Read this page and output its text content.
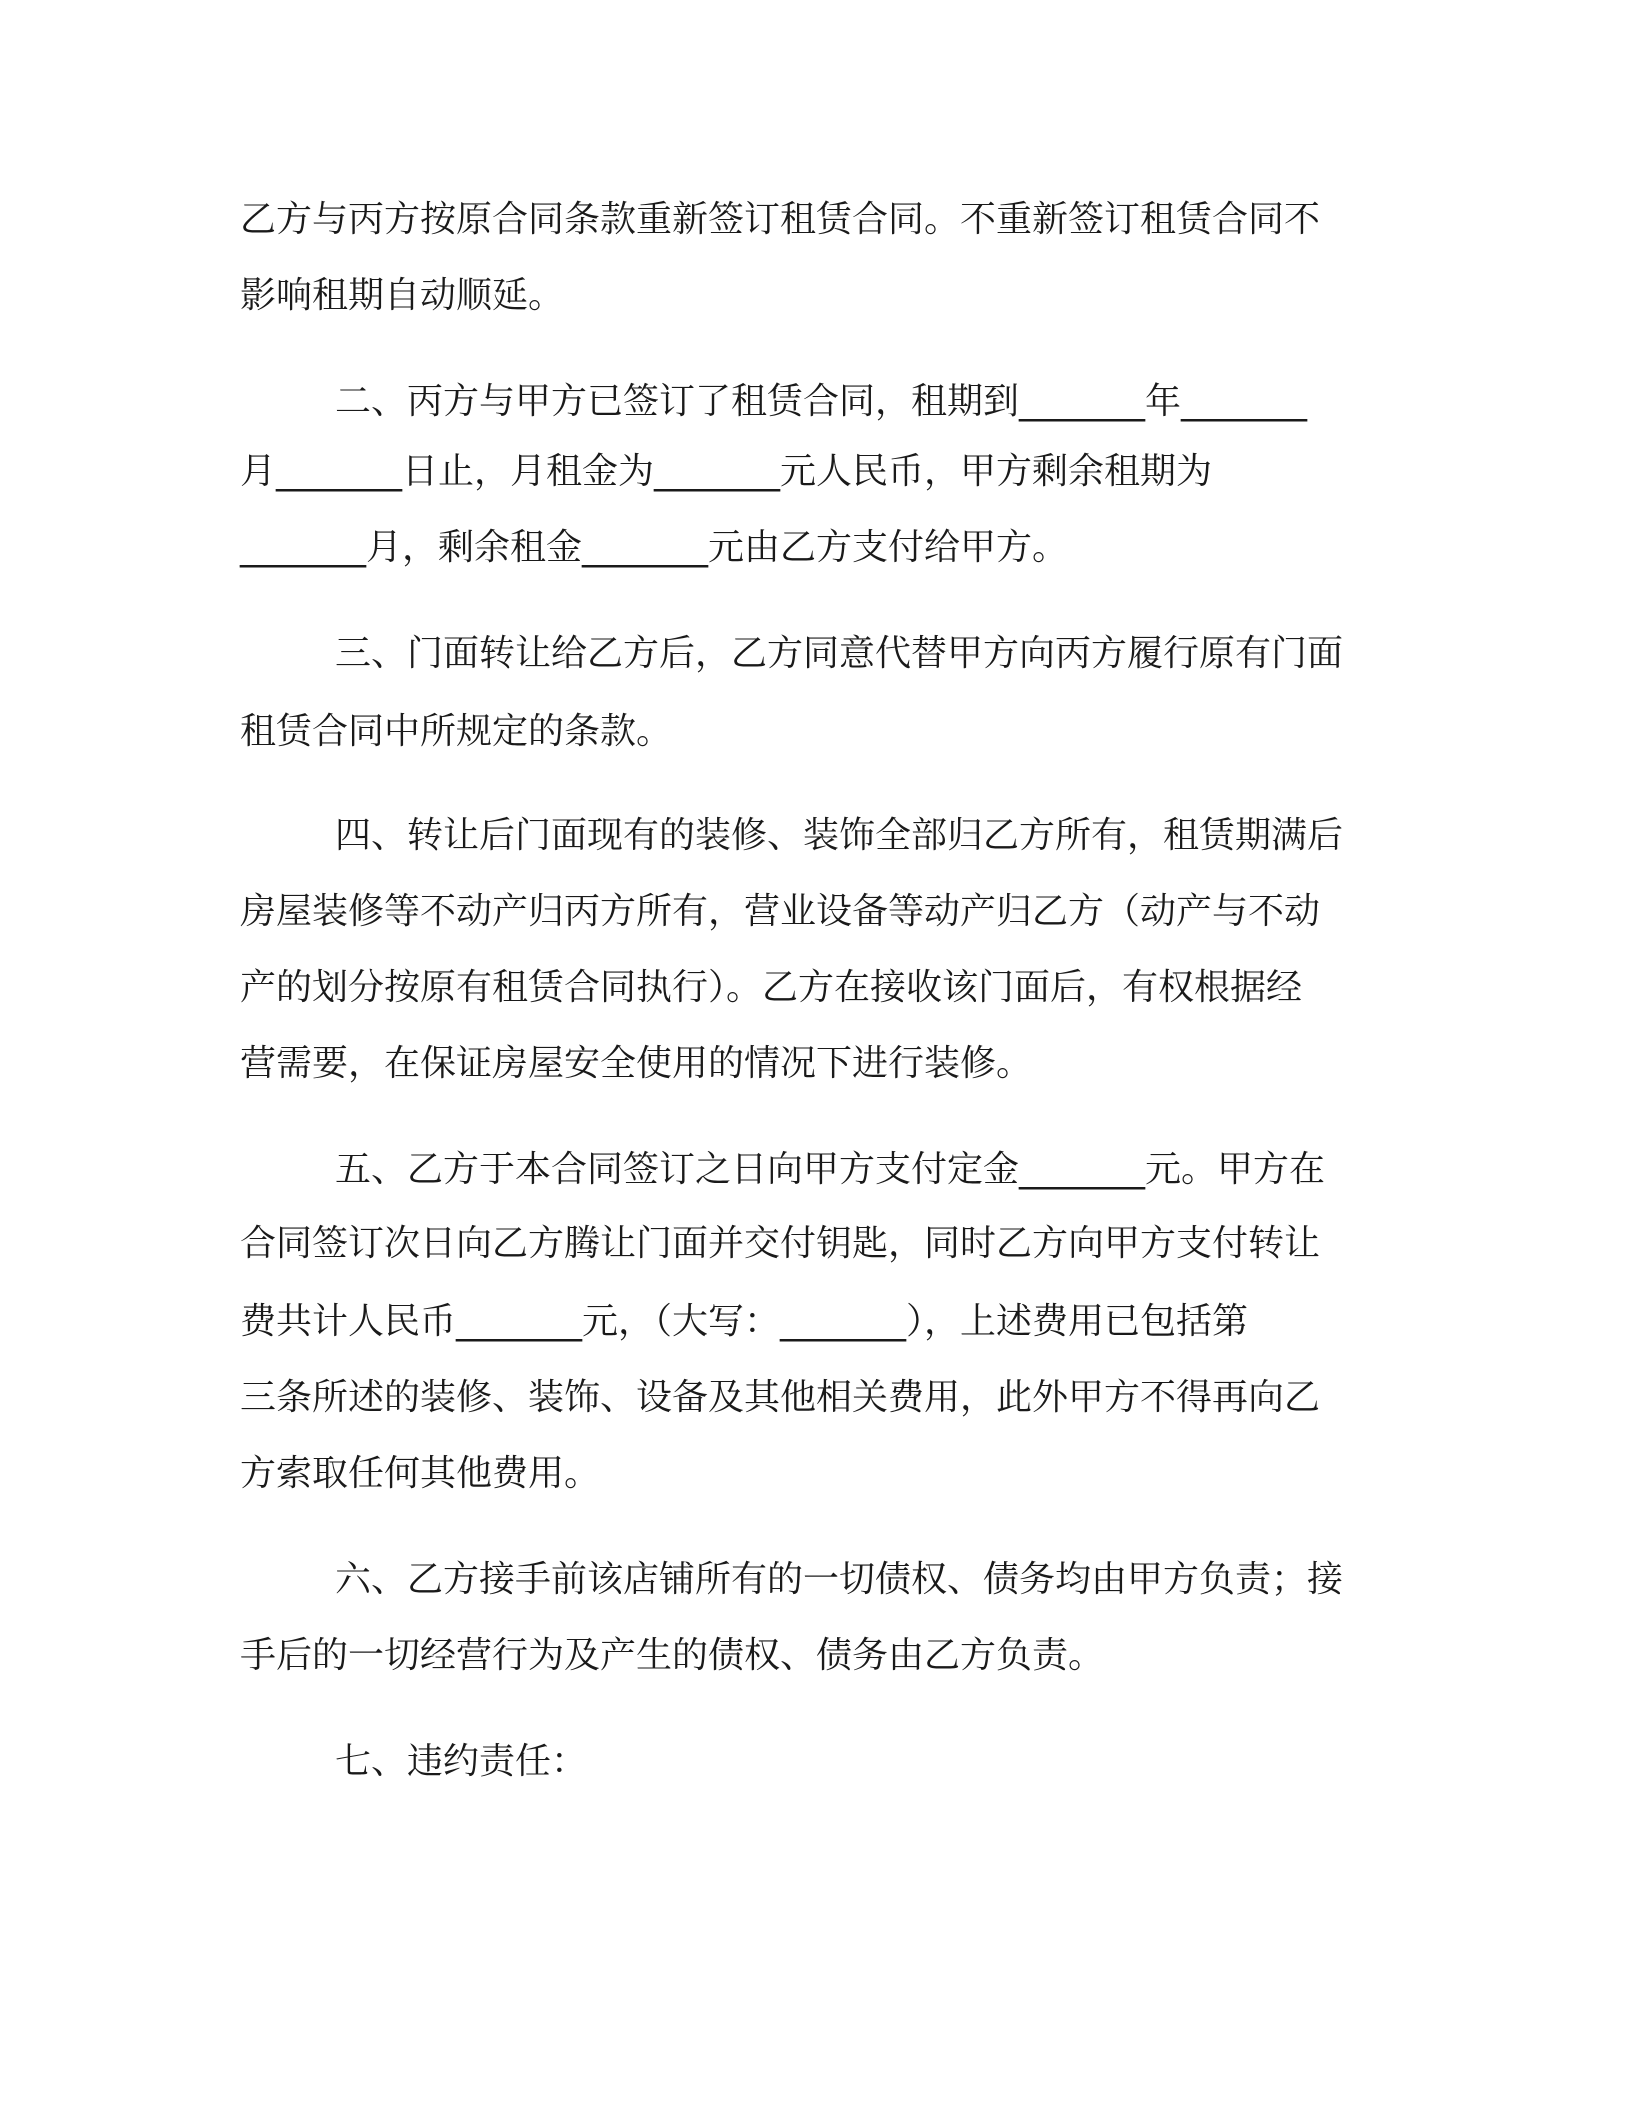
乙方与丙方按原合同条款重新签订租赁合同。不重新签订租赁合同不
影响租期自动顺延。
二、丙方与甲方已签订了租赁合同，租期到_______年_______
月_______日止，月租金为_______元人民币，甲方剩余租期为
_______月，剩余租金_______元由乙方支付给甲方。
三、门面转让给乙方后，乙方同意代替甲方向丙方履行原有门面
租赁合同中所规定的条款。
四、转让后门面现有的装修、装饰全部归乙方所有，租赁期满后
房屋装修等不动产归丙方所有，营业设备等动产归乙方（动产与不动
产的划分按原有租赁合同执行）。乙方在接收该门面后，有权根据经
营需要，在保证房屋安全使用的情况下进行装修。
五、乙方于本合同签订之日向甲方支付定金_______元。甲方在
合同签订次日向乙方腾让门面并交付钥匙，同时乙方向甲方支付转让
费共计人民币_______元，（大写：_______），上述费用已包括第
三条所述的装修、装饰、设备及其他相关费用，此外甲方不得再向乙
方索取任何其他费用。
六、乙方接手前该店铺所有的一切债权、债务均由甲方负责；接
手后的一切经营行为及产生的债权、债务由乙方负责。
七、违约责任：
